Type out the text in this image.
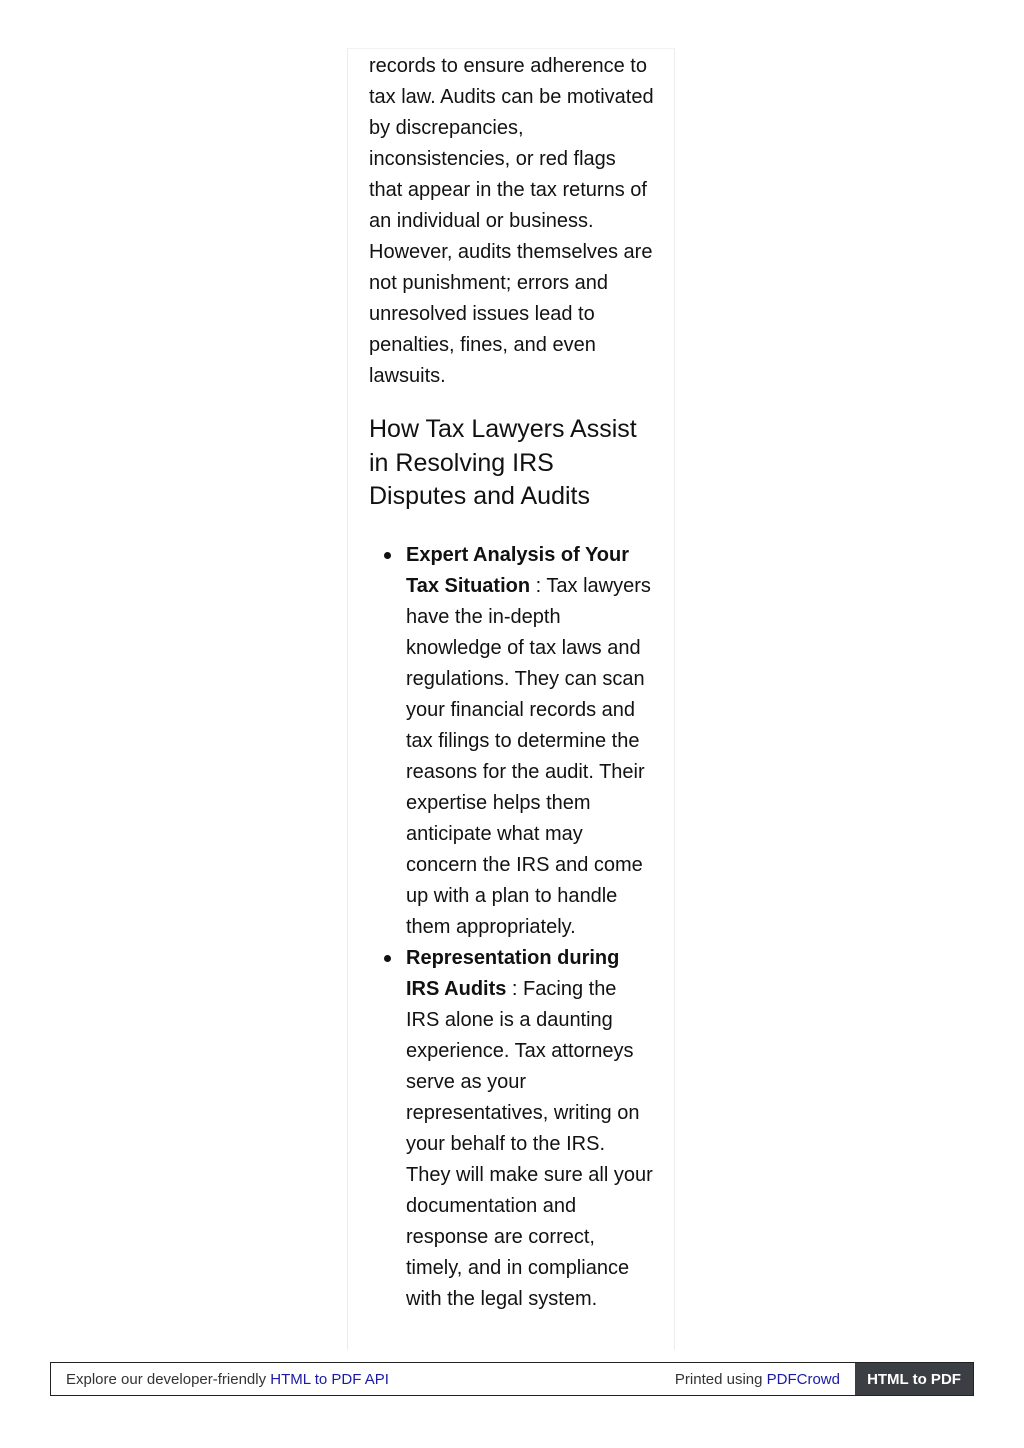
records to ensure adherence to tax law. Audits can be motivated by discrepancies, inconsistencies, or red flags that appear in the tax returns of an individual or business. However, audits themselves are not punishment; errors and unresolved issues lead to penalties, fines, and even lawsuits.

How Tax Lawyers Assist in Resolving IRS Disputes and Audits
Expert Analysis of Your Tax Situation : Tax lawyers have the in-depth knowledge of tax laws and regulations. They can scan your financial records and tax filings to determine the reasons for the audit. Their expertise helps them anticipate what may concern the IRS and come up with a plan to handle them appropriately.
Representation during IRS Audits : Facing the IRS alone is a daunting experience. Tax attorneys serve as your representatives, writing on your behalf to the IRS. They will make sure all your documentation and response are correct, timely, and in compliance with the legal system.
Explore our developer-friendly
HTML to PDF API	Printed using
PDFCrowd	HTML to PDF
